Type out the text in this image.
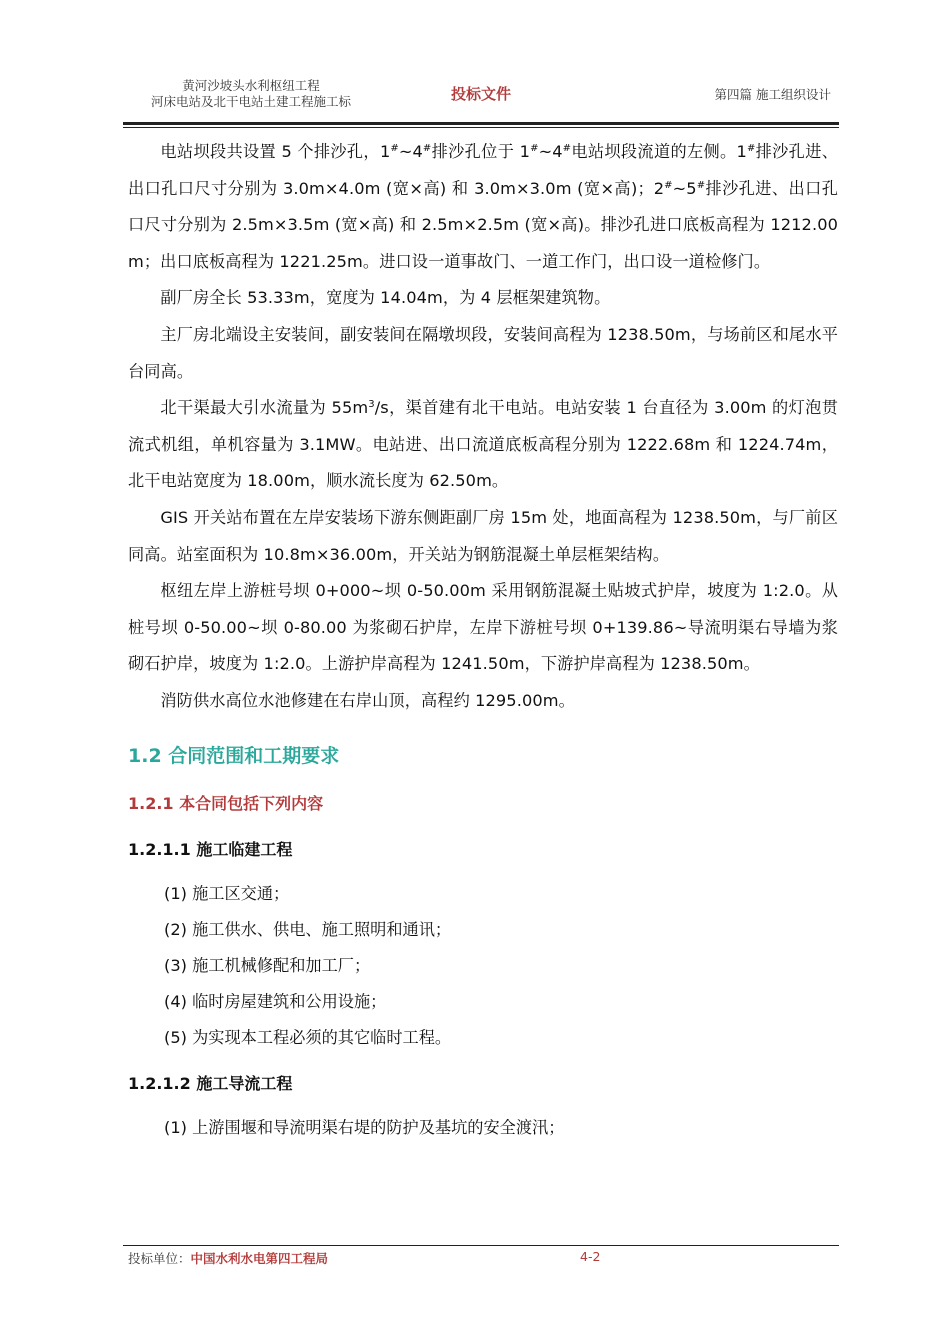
黄河沙坡头水利枢纽工程
河床电站及北干电站土建工程施工标	投标文件	第四篇 施工组织设计

电站坝段共设置 5 个排沙孔，1#~4#排沙孔位于 1#~4#电站坝段流道的左侧。1#排沙孔进、出口孔口尺寸分别为 3.0m×4.0m (宽×高) 和 3.0m×3.0m (宽×高)；2#~5#排沙孔进、出口孔口尺寸分别为 2.5m×3.5m (宽×高) 和 2.5m×2.5m (宽×高)。排沙孔进口底板高程为 1212.00m；出口底板高程为 1221.25m。进口设一道事故门、一道工作门，出口设一道检修门。

副厂房全长 53.33m，宽度为 14.04m，为 4 层框架建筑物。

主厂房北端设主安装间，副安装间在隔墩坝段，安装间高程为 1238.50m，与场前区和尾水平台同高。

北干渠最大引水流量为 $55m^3/s$，渠首建有北干电站。电站安装 1 台直径为 3.00m 的灯泡贯流式机组，单机容量为 3.1MW。电站进、出口流道底板高程分别为 1222.68m 和 1224.74m，北干电站宽度为 18.00m，顺水流长度为 62.50m。

GIS 开关站布置在左岸安装场下游东侧距副厂房 15m 处，地面高程为 1238.50m，与厂前区同高。站室面积为 10.8m×36.00m，开关站为钢筋混凝土单层框架结构。

枢纽左岸上游桩号坝 0+000~坝 0-50.00m 采用钢筋混凝土贴坡式护岸，坡度为 1:2.0。从桩号坝 0-50.00~坝 0-80.00 为浆砌石护岸，左岸下游桩号坝 0+139.86~导流明渠右导墙为浆砌石护岸，坡度为 1:2.0。上游护岸高程为 1241.50m，下游护岸高程为 1238.50m。

消防供水高位水池修建在右岸山顶，高程约 1295.00m。

1.2 合同范围和工期要求
1.2.1 本合同包括下列内容
1.2.1.1 施工临建工程
(1) 施工区交通；
(2) 施工供水、供电、施工照明和通讯；
(3) 施工机械修配和加工厂；
(4) 临时房屋建筑和公用设施；
(5) 为实现本工程必须的其它临时工程。
1.2.1.2 施工导流工程
(1) 上游围堰和导流明渠右堤的防护及基坑的安全渡汛；
投标单位：中国水利水电第四工程局	4-2
